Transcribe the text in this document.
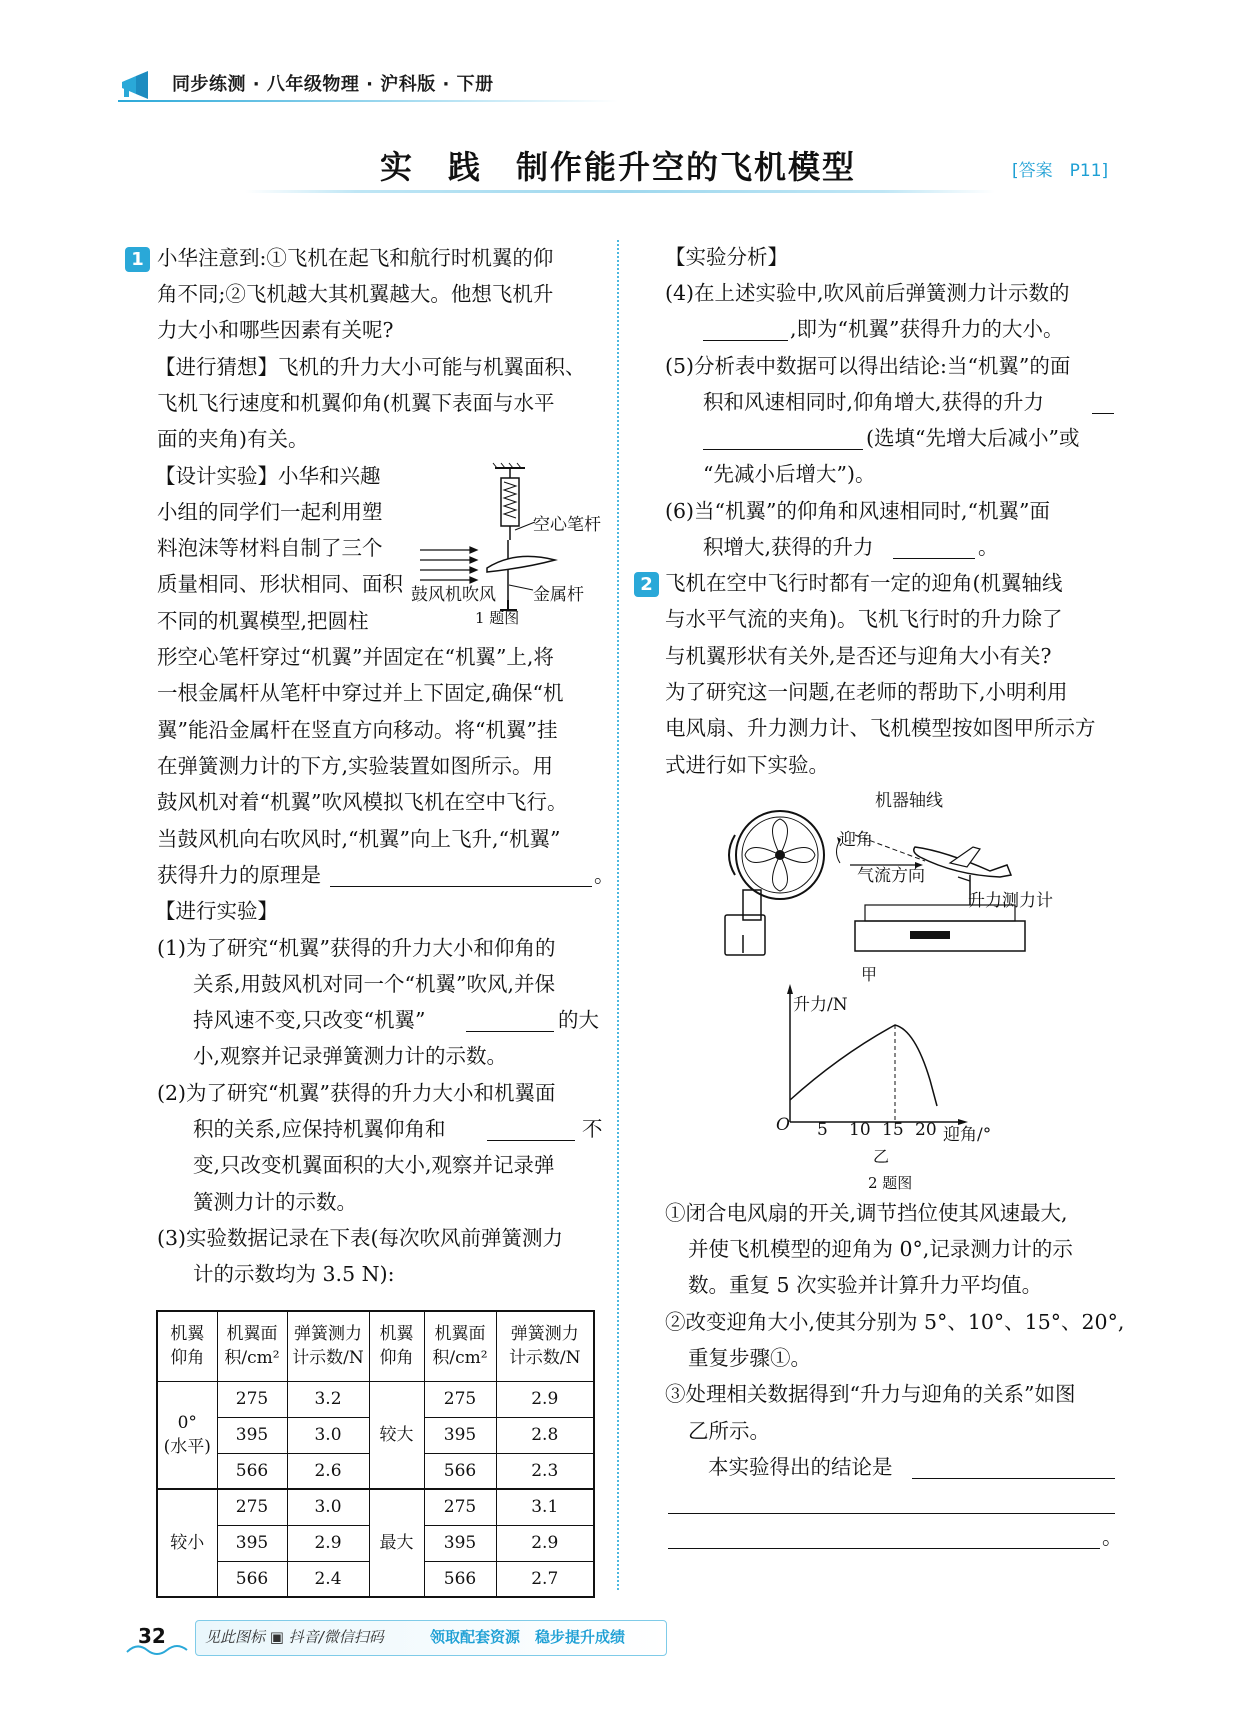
同步练测 · 八年级物理 · 沪科版 · 下册
实　践　制作能升空的飞机模型	[答案　P11]
1 小华注意到:①飞机在起飞和航行时机翼的仰
角不同;②飞机越大其机翼越大。他想飞机升
力大小和哪些因素有关呢?
【进行猜想】飞机的升力大小可能与机翼面积、
飞机飞行速度和机翼仰角(机翼下表面与水平
面的夹角)有关。
【设计实验】小华和兴趣
小组的同学们一起利用塑
料泡沫等材料自制了三个
质量相同、形状相同、面积
不同的机翼模型,把圆柱
形空心笔杆穿过“机翼”并固定在“机翼”上,将
一根金属杆从笔杆中穿过并上下固定,确保“机
翼”能沿金属杆在竖直方向移动。将“机翼”挂
在弹簧测力计的下方,实验装置如图所示。用
鼓风机对着“机翼”吹风模拟飞机在空中飞行。
当鼓风机向右吹风时,“机翼”向上飞升,“机翼”
获得升力的原理是	。
【进行实验】
(1)为了研究“机翼”获得的升力大小和仰角的
关系,用鼓风机对同一个“机翼”吹风,并保
持风速不变,只改变“机翼”	的大
小,观察并记录弹簧测力计的示数。
(2)为了研究“机翼”获得的升力大小和机翼面
积的关系,应保持机翼仰角和	不
变,只改变机翼面积的大小,观察并记录弹
簧测力计的示数。
(3)实验数据记录在下表(每次吹风前弹簧测力
计的示数均为 3.5 N):
空心笔杆
金属杆
鼓风机吹风
1 题图
机翼
仰角	机翼面
积/cm²	弹簧测力
计示数/N	机翼
仰角	机翼面
积/cm²	弹簧测力
计示数/N
0°
(水平)	275	3.2	较大	275	2.9
	395	3.0		395	2.8
	566	2.6		566	2.3
较小	275	3.0	最大	275	3.1
	395	2.9		395	2.9
	566	2.4		566	2.7
【实验分析】
(4)在上述实验中,吹风前后弹簧测力计示数的
,即为“机翼”获得升力的大小。
(5)分析表中数据可以得出结论:当“机翼”的面
积和风速相同时,仰角增大,获得的升力
(选填“先增大后减小”或
“先减小后增大”)。
(6)当“机翼”的仰角和风速相同时,“机翼”面
积增大,获得的升力	。
2 飞机在空中飞行时都有一定的迎角(机翼轴线
与水平气流的夹角)。飞机飞行时的升力除了
与机翼形状有关外,是否还与迎角大小有关?
为了研究这一问题,在老师的帮助下,小明利用
电风扇、升力测力计、飞机模型按如图甲所示方
式进行如下实验。
机器轴线
迎角
气流方向
升力测力计
甲
升力/N
O 5 10 15 20 迎角/°
乙
2 题图
①闭合电风扇的开关,调节挡位使其风速最大,
并使飞机模型的迎角为 0°,记录测力计的示
数。重复 5 次实验并计算升力平均值。
②改变迎角大小,使其分别为 5°、10°、15°、20°,
重复步骤①。
③处理相关数据得到“升力与迎角的关系”如图
乙所示。
本实验得出的结论是
。
32	见此图标 ▣ 抖音/微信扫码	领取配套资源　稳步提升成绩
